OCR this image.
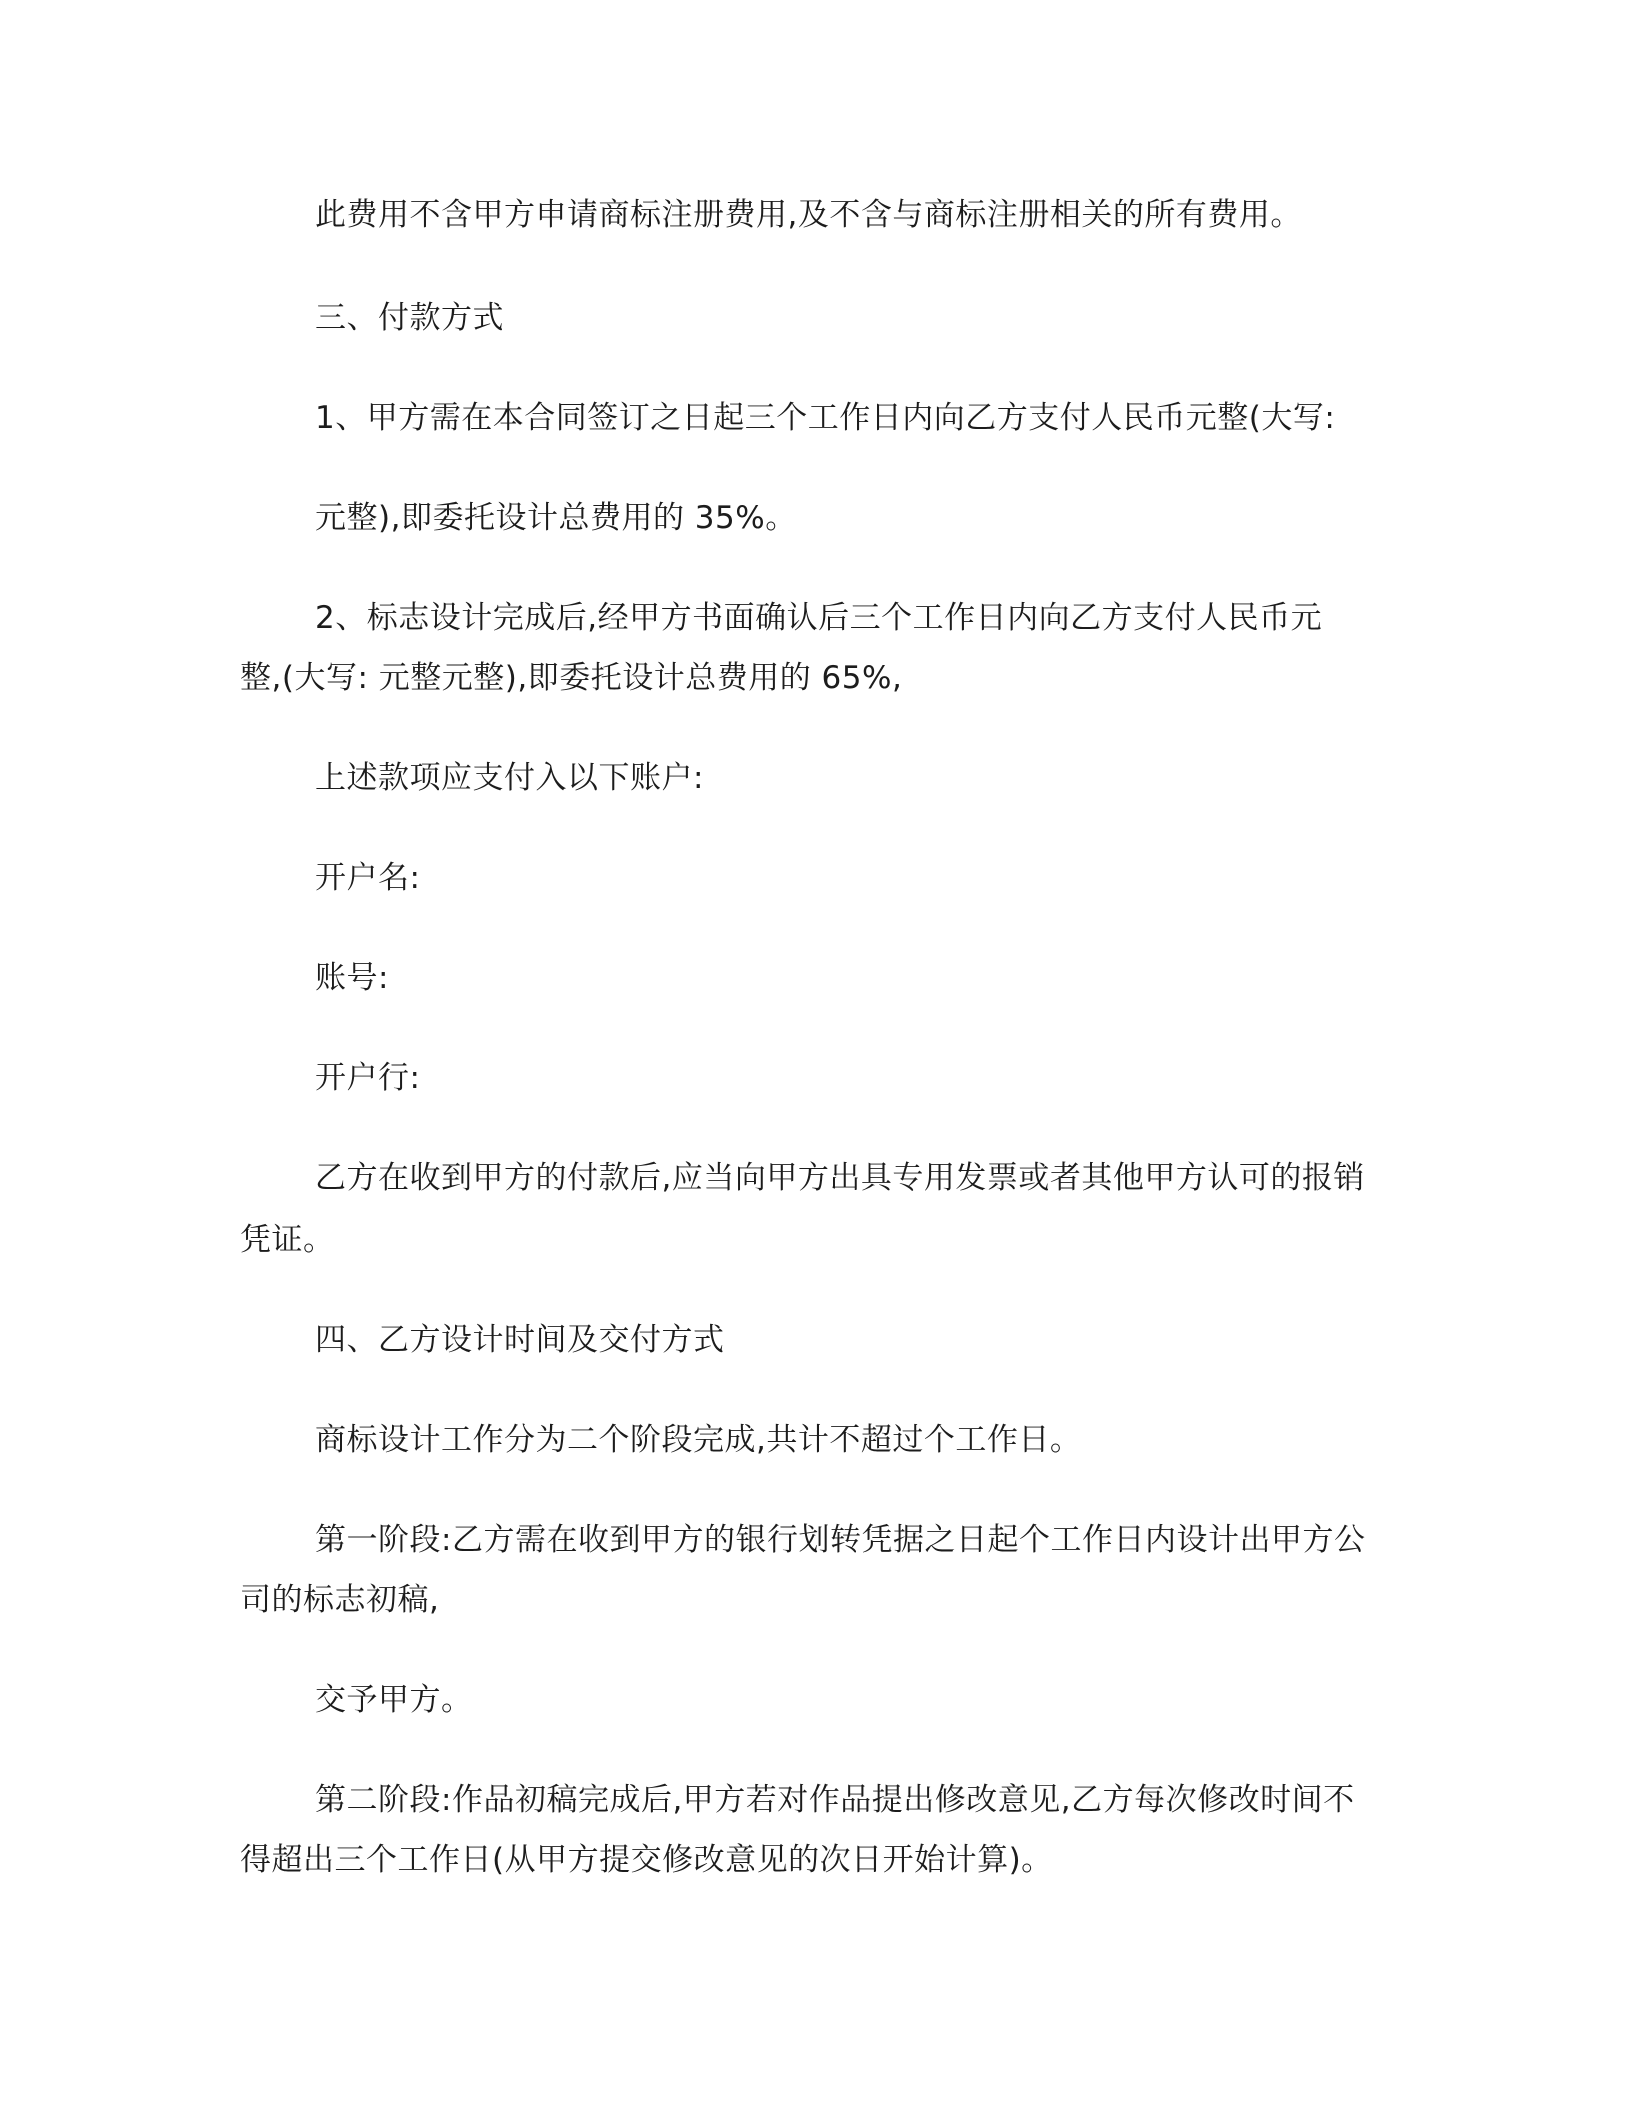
此费用不含甲方申请商标注册费用,及不含与商标注册相关的所有费用。
三、付款方式
1、甲方需在本合同签订之日起三个工作日内向乙方支付人民币元整(大写:
元整),即委托设计总费用的 35%。
2、标志设计完成后,经甲方书面确认后三个工作日内向乙方支付人民币元
整,(大写: 元整元整),即委托设计总费用的 65%,
上述款项应支付入以下账户:
开户名:
账号:
开户行:
乙方在收到甲方的付款后,应当向甲方出具专用发票或者其他甲方认可的报销
凭证。
四、乙方设计时间及交付方式
商标设计工作分为二个阶段完成,共计不超过个工作日。
第一阶段:乙方需在收到甲方的银行划转凭据之日起个工作日内设计出甲方公
司的标志初稿,
交予甲方。
第二阶段:作品初稿完成后,甲方若对作品提出修改意见,乙方每次修改时间不
得超出三个工作日(从甲方提交修改意见的次日开始计算)。
